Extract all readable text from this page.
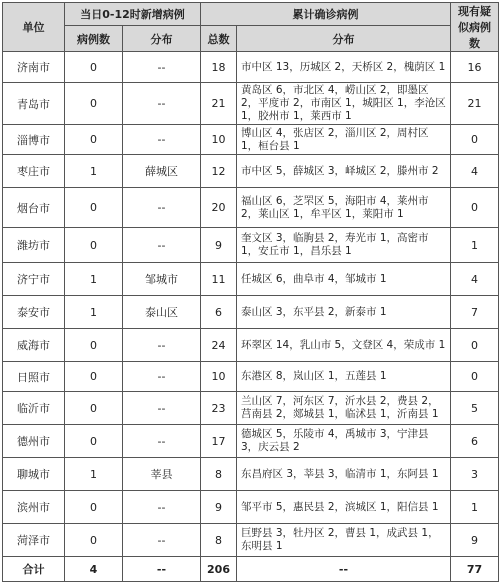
单位	当日0-12时新增病例		累计确诊病例		现有疑似病例数
	病例数	分布	总数	分布	
济南市	0	--	18	市中区 13，历城区 2，天桥区 2，槐荫区 1	16
青岛市	0	--	21	黄岛区 6，市北区 4，崂山区 2，即墨区 2，平度市 2，市南区 1，城阳区 1，李沧区 1，胶州市 1，莱西市 1	21
淄博市	0	--	10	博山区 4，张店区 2，淄川区 2，周村区 1，桓台县 1	0
枣庄市	1	薛城区	12	市中区 5，薛城区 3，峄城区 2，滕州市 2	4
烟台市	0	--	20	福山区 6，芝罘区 5，海阳市 4，莱州市 2，莱山区 1，牟平区 1，莱阳市 1	0
潍坊市	0	--	9	奎文区 3，临朐县 2，寿光市 1，高密市 1，安丘市 1，昌乐县 1	1
济宁市	1	邹城市	11	任城区 6，曲阜市 4，邹城市 1	4
泰安市	1	泰山区	6	泰山区 3，东平县 2，新泰市 1	7
威海市	0	--	24	环翠区 14，乳山市 5，文登区 4，荣成市 1	0
日照市	0	--	10	东港区 8，岚山区 1，五莲县 1	0
临沂市	0	--	23	兰山区 7，河东区 7，沂水县 2，费县 2，莒南县 2，郯城县 1，临沭县 1，沂南县 1	5
德州市	0	--	17	德城区 5，乐陵市 4，禹城市 3，宁津县 3，庆云县 2	6
聊城市	1	莘县	8	东昌府区 3，莘县 3，临清市 1，东阿县 1	3
滨州市	0	--	9	邹平市 5，惠民县 2，滨城区 1，阳信县 1	1
菏泽市	0	--	8	巨野县 3，牡丹区 2，曹县 1，成武县 1，东明县 1	9
合计	4	--	206	--	77
